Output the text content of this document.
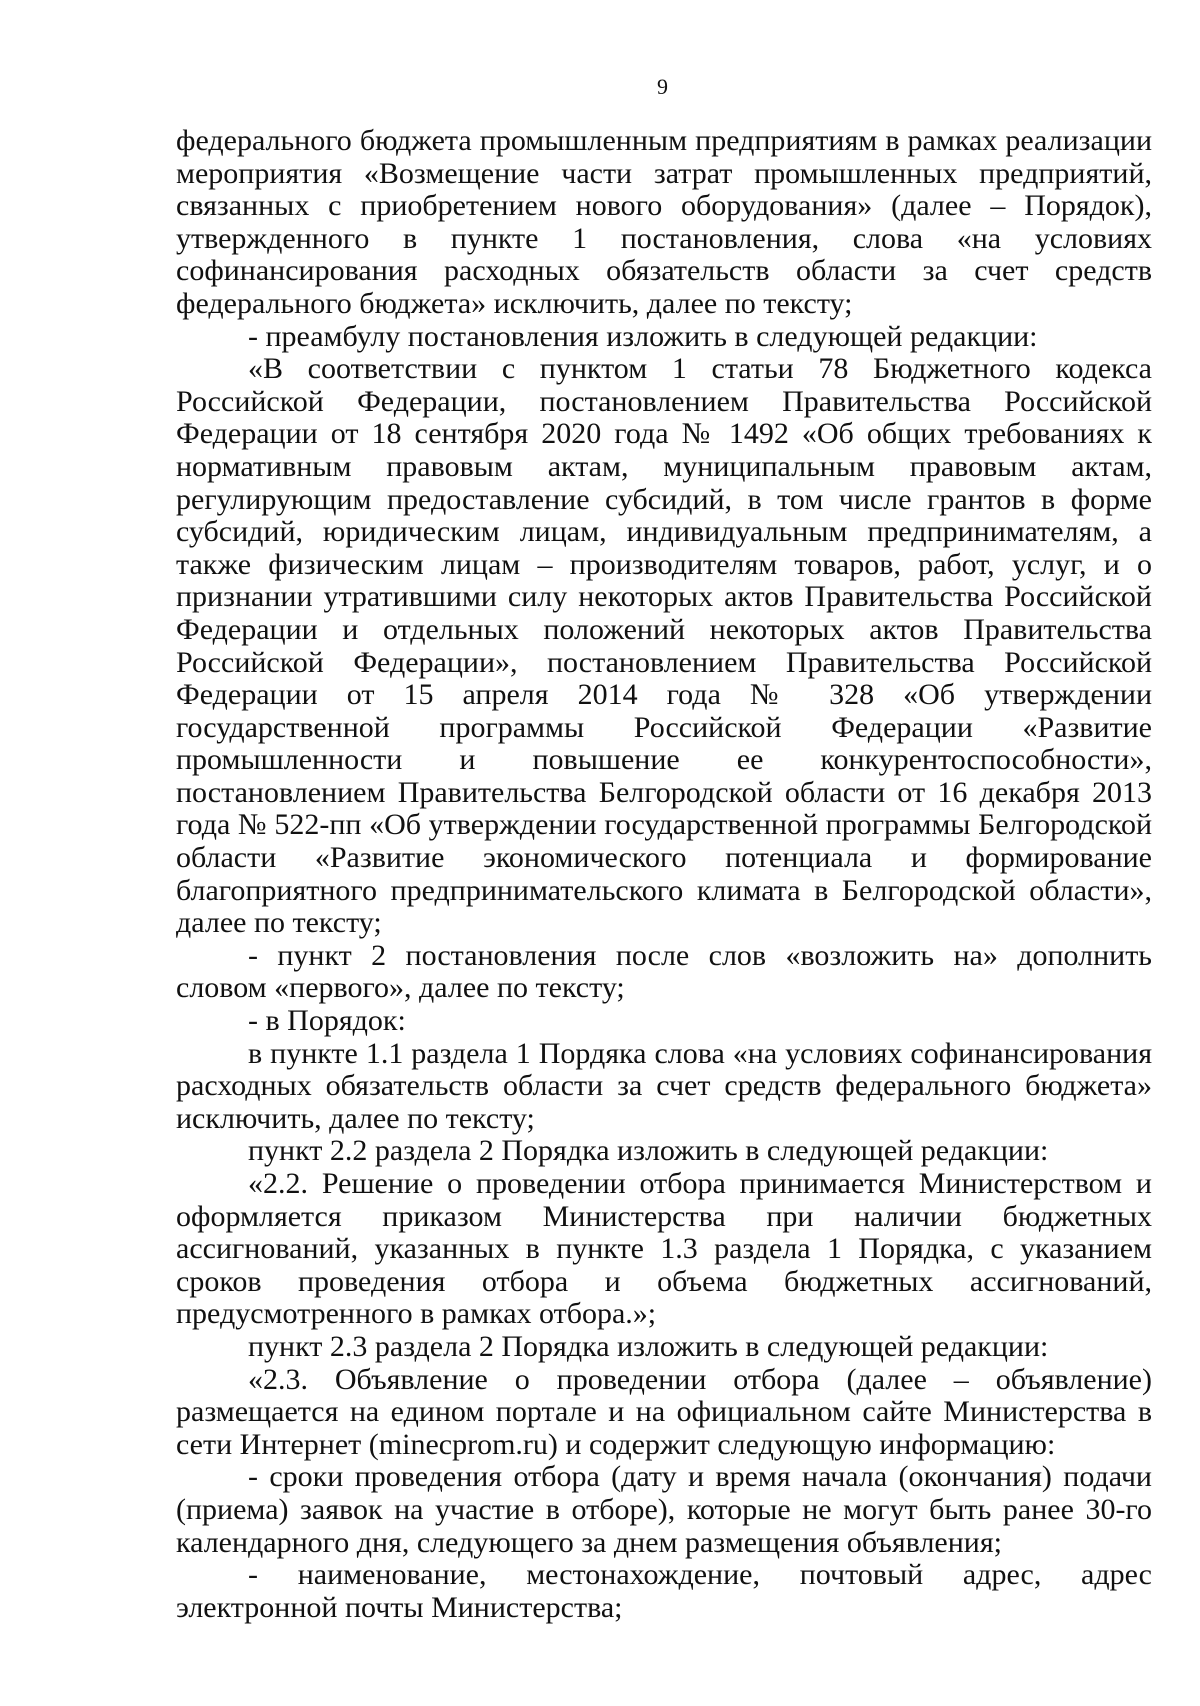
9

федерального бюджета промышленным предприятиям в рамках реализации мероприятия «Возмещение части затрат промышленных предприятий, связанных с приобретением нового оборудования» (далее – Порядок), утвержденного в пункте 1 постановления, слова «на условиях софинансирования расходных обязательств области за счет средств федерального бюджета» исключить, далее по тексту;

- преамбулу постановления изложить в следующей редакции:

«В соответствии с пунктом 1 статьи 78 Бюджетного кодекса Российской Федерации, постановлением Правительства Российской Федерации от 18 сентября 2020 года № 1492 «Об общих требованиях к нормативным правовым актам, муниципальным правовым актам, регулирующим предоставление субсидий, в том числе грантов в форме субсидий, юридическим лицам, индивидуальным предпринимателям, а также физическим лицам – производителям товаров, работ, услуг, и о признании утратившими силу некоторых актов Правительства Российской Федерации и отдельных положений некоторых актов Правительства Российской Федерации», постановлением Правительства Российской Федерации от 15 апреля 2014 года № 328 «Об утверждении государственной программы Российской Федерации «Развитие промышленности и повышение ее конкурентоспособности», постановлением Правительства Белгородской области от 16 декабря 2013 года № 522-пп «Об утверждении государственной программы Белгородской области «Развитие экономического потенциала и формирование благоприятного предпринимательского климата в Белгородской области», далее по тексту;

- пункт 2 постановления после слов «возложить на» дополнить словом «первого», далее по тексту;

- в Порядок:

в пункте 1.1 раздела 1 Пордяка слова «на условиях софинансирования расходных обязательств области за счет средств федерального бюджета» исключить, далее по тексту;

пункт 2.2 раздела 2 Порядка изложить в следующей редакции:

«2.2. Решение о проведении отбора принимается Министерством и оформляется приказом Министерства при наличии бюджетных ассигнований, указанных в пункте 1.3 раздела 1 Порядка, с указанием сроков проведения отбора и объема бюджетных ассигнований, предусмотренного в рамках отбора.»;

пункт 2.3 раздела 2 Порядка изложить в следующей редакции:

«2.3. Объявление о проведении отбора (далее – объявление) размещается на едином портале и на официальном сайте Министерства в сети Интернет (minecprom.ru) и содержит следующую информацию:

- сроки проведения отбора (дату и время начала (окончания) подачи (приема) заявок на участие в отборе), которые не могут быть ранее 30-го календарного дня, следующего за днем размещения объявления;

- наименование, местонахождение, почтовый адрес, адрес электронной почты Министерства;
